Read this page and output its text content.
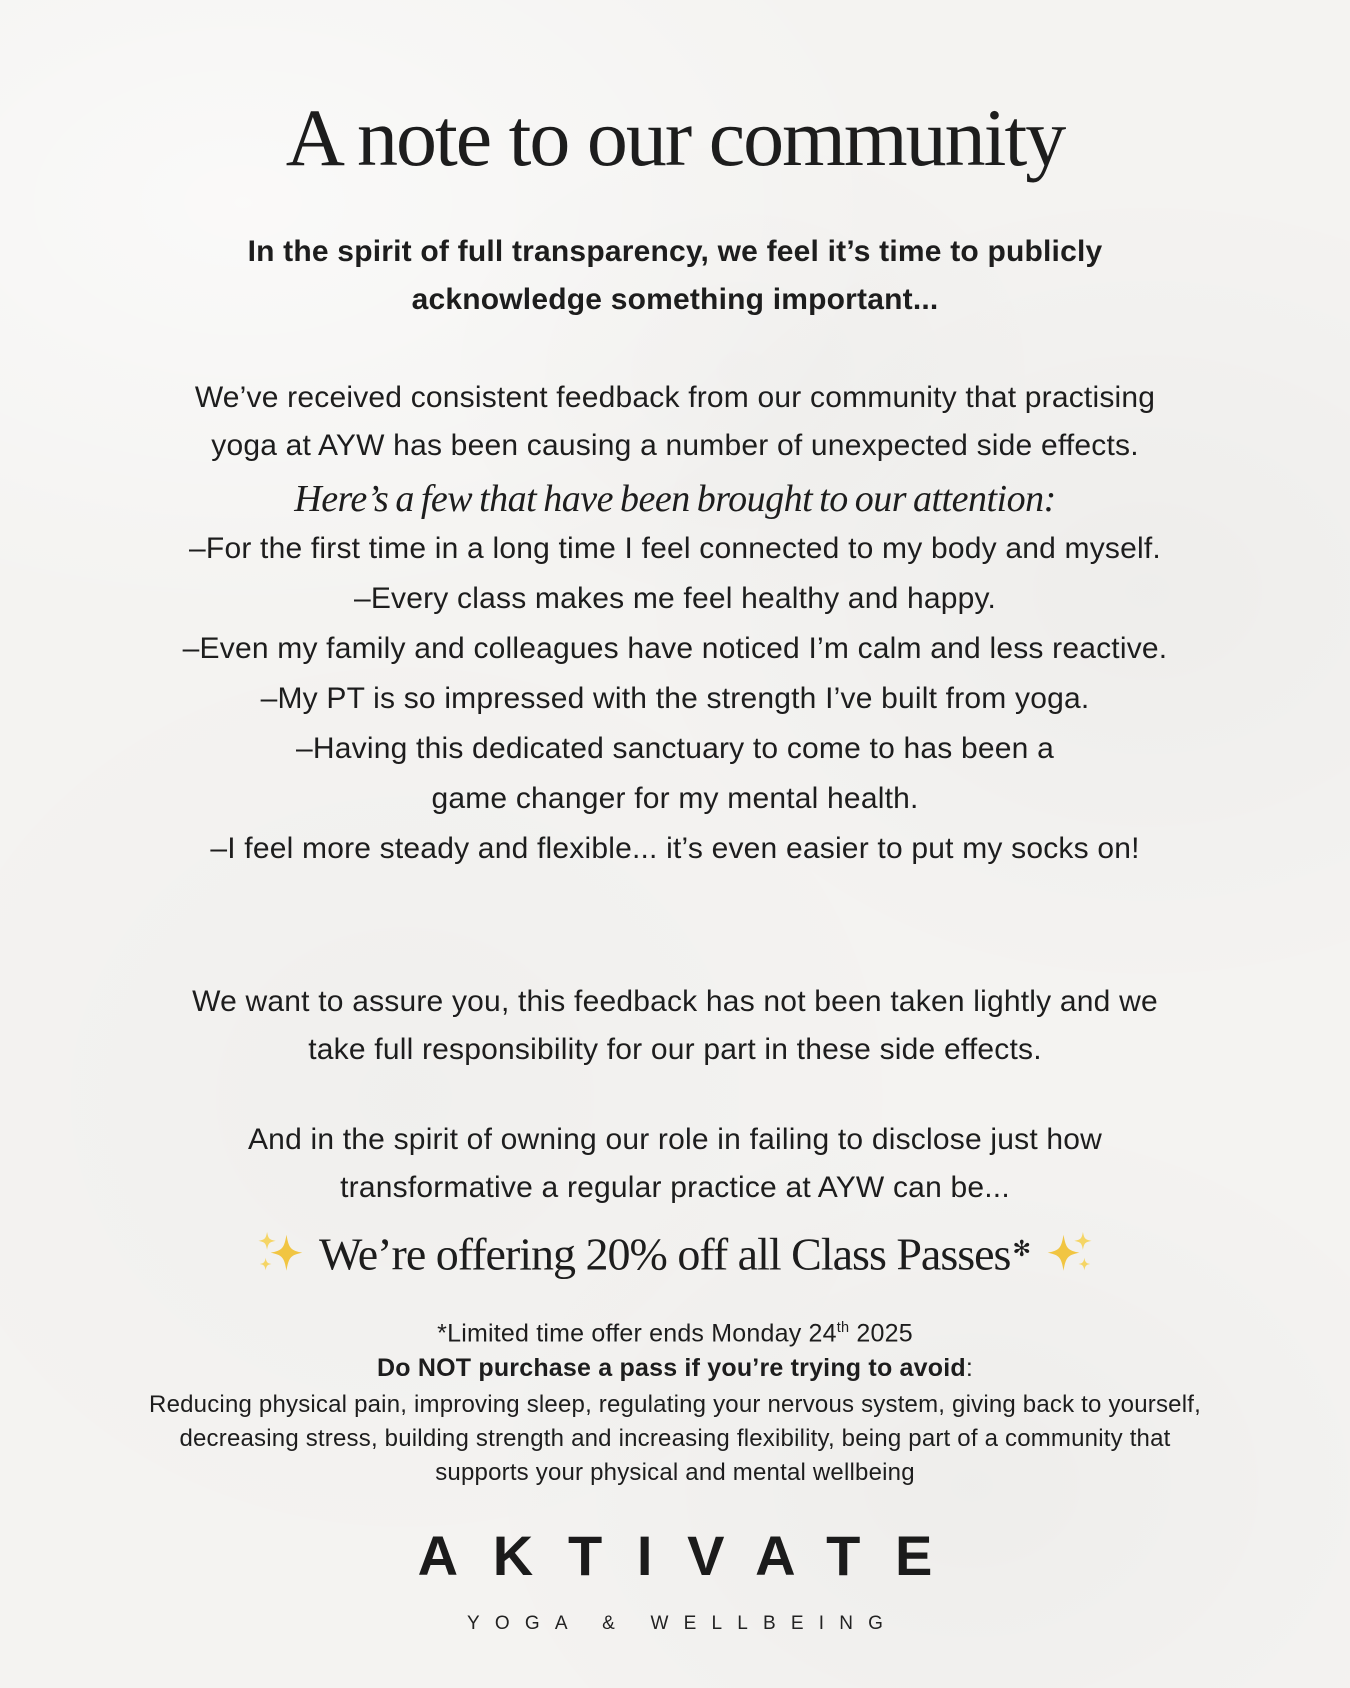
A note to our community
In the spirit of full transparency, we feel it’s time to publicly
acknowledge something important...
We’ve received consistent feedback from our community that practising
yoga at AYW has been causing a number of unexpected side effects.
Here’s a few that have been brought to our attention:
–For the first time in a long time I feel connected to my body and myself.
–Every class makes me feel healthy and happy.
–Even my family and colleagues have noticed I’m calm and less reactive.
–My PT is so impressed with the strength I’ve built from yoga.
–Having this dedicated sanctuary to come to has been a
game changer for my mental health.
–I feel more steady and flexible... it’s even easier to put my socks on!
We want to assure you, this feedback has not been taken lightly and we
take full responsibility for our part in these side effects.
And in the spirit of owning our role in failing to disclose just how
transformative a regular practice at AYW can be...
We’re offering 20% off all Class Passes✻
*Limited time offer ends Monday 24th 2025
Do NOT purchase a pass if you’re trying to avoid:
Reducing physical pain, improving sleep, regulating your nervous system, giving back to yourself,
decreasing stress, building strength and increasing flexibility, being part of a community that
supports your physical and mental wellbeing
AKTIVATE
YOGA & WELLBEING
